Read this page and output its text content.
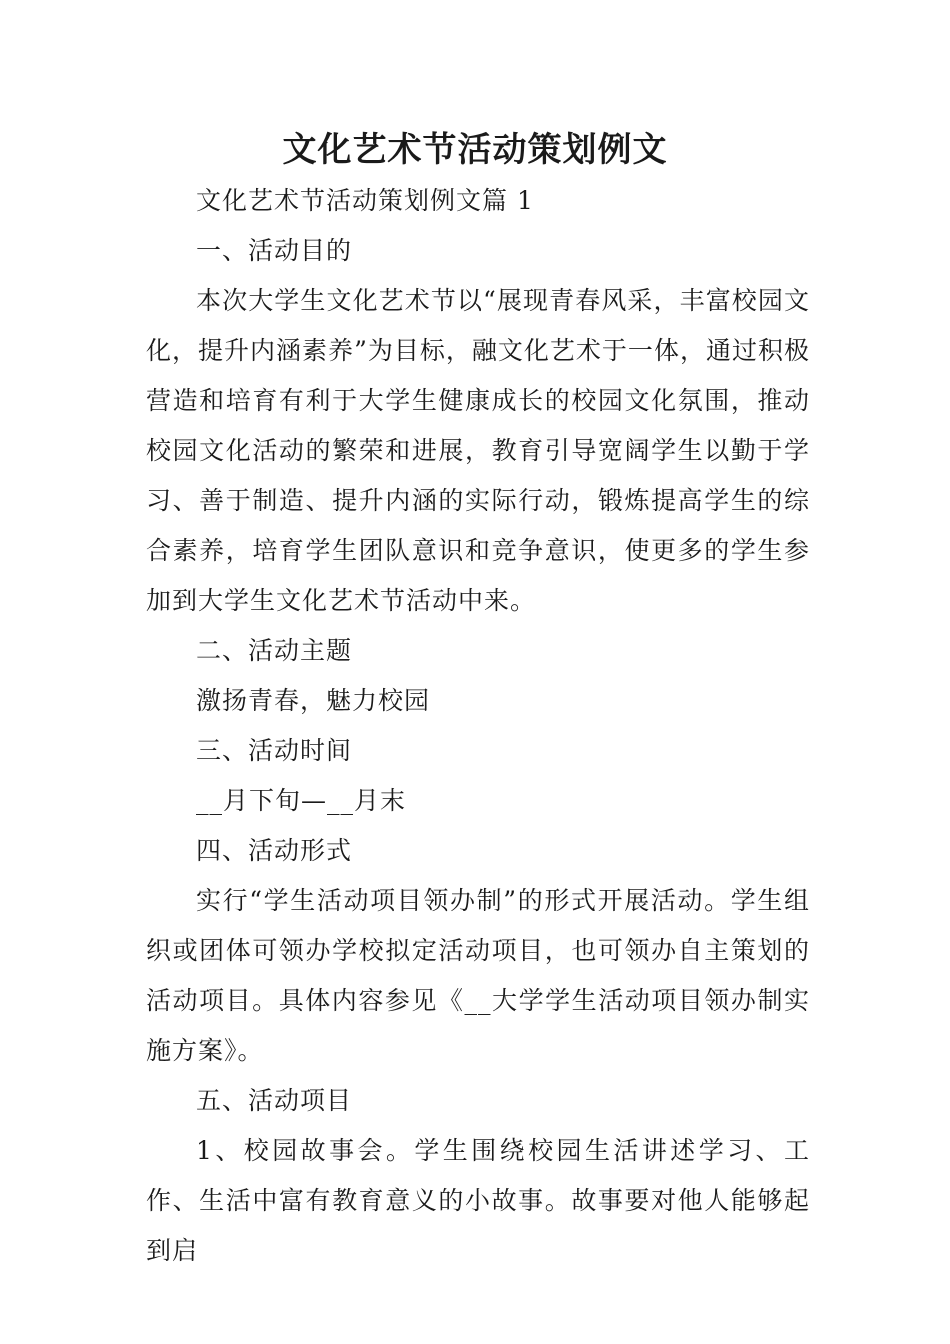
文化艺术节活动策划例文
文化艺术节活动策划例文篇 1
一、活动目的

本次大学生文化艺术节以“展现青春风采，丰富校园文化，提升内涵素养”为目标，融文化艺术于一体，通过积极营造和培育有利于大学生健康成长的校园文化氛围，推动校园文化活动的繁荣和进展，教育引导宽阔学生以勤于学习、善于制造、提升内涵的实际行动，锻炼提高学生的综合素养，培育学生团队意识和竞争意识，使更多的学生参加到大学生文化艺术节活动中来。

二、活动主题
激扬青春，魅力校园
三、活动时间
__月下旬—__月末
四、活动形式

实行“学生活动项目领办制”的形式开展活动。学生组织或团体可领办学校拟定活动项目，也可领办自主策划的活动项目。具体内容参见《__大学学生活动项目领办制实施方案》。

五、活动项目

1、校园故事会。学生围绕校园生活讲述学习、工作、生活中富有教育意义的小故事。故事要对他人能够起到启
